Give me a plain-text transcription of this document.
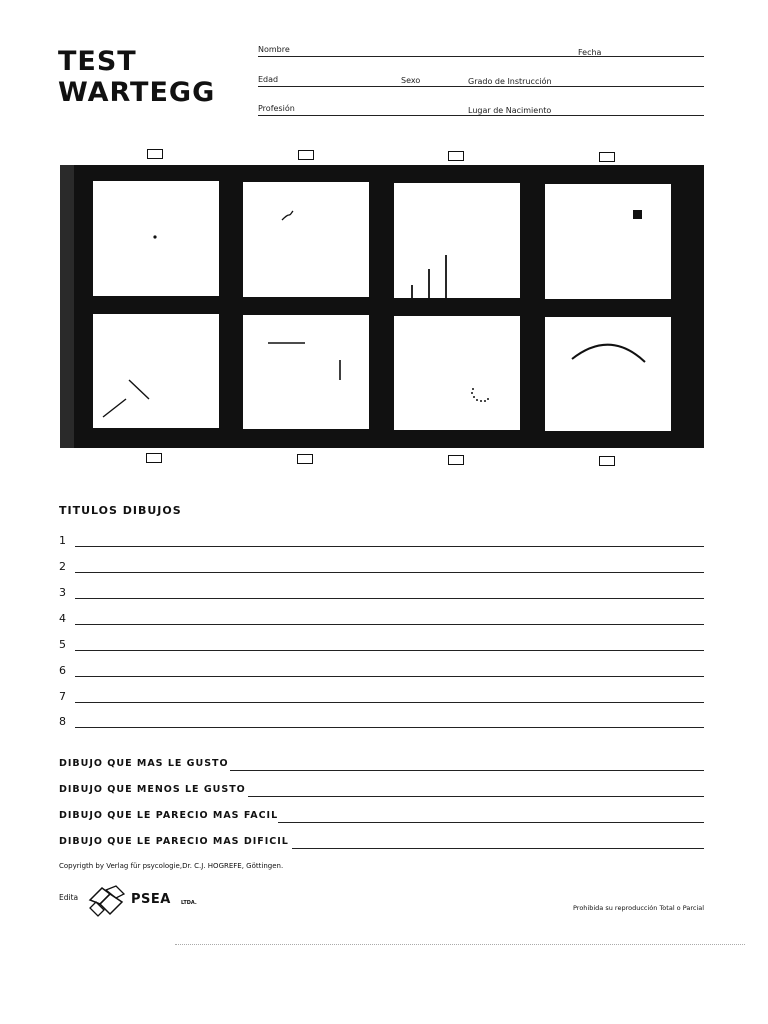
TEST
WARTEGG
Nombre	Fecha
Edad	Sexo	Grado de Instrucción
Profesión	Lugar de Nacimiento
TITULOS DIBUJOS
1
2
3
4
5
6
7
8
DIBUJO QUE MAS LE GUSTO
DIBUJO QUE MENOS LE GUSTO
DIBUJO QUE LE PARECIO MAS FACIL
DIBUJO QUE LE PARECIO MAS DIFICIL
Copyrigth by Verlag für psycologie,Dr. C.J. HOGREFE, Göttingen.
Edita	PSEA LTDA.
Prohibida su reproducción Total o Parcial
